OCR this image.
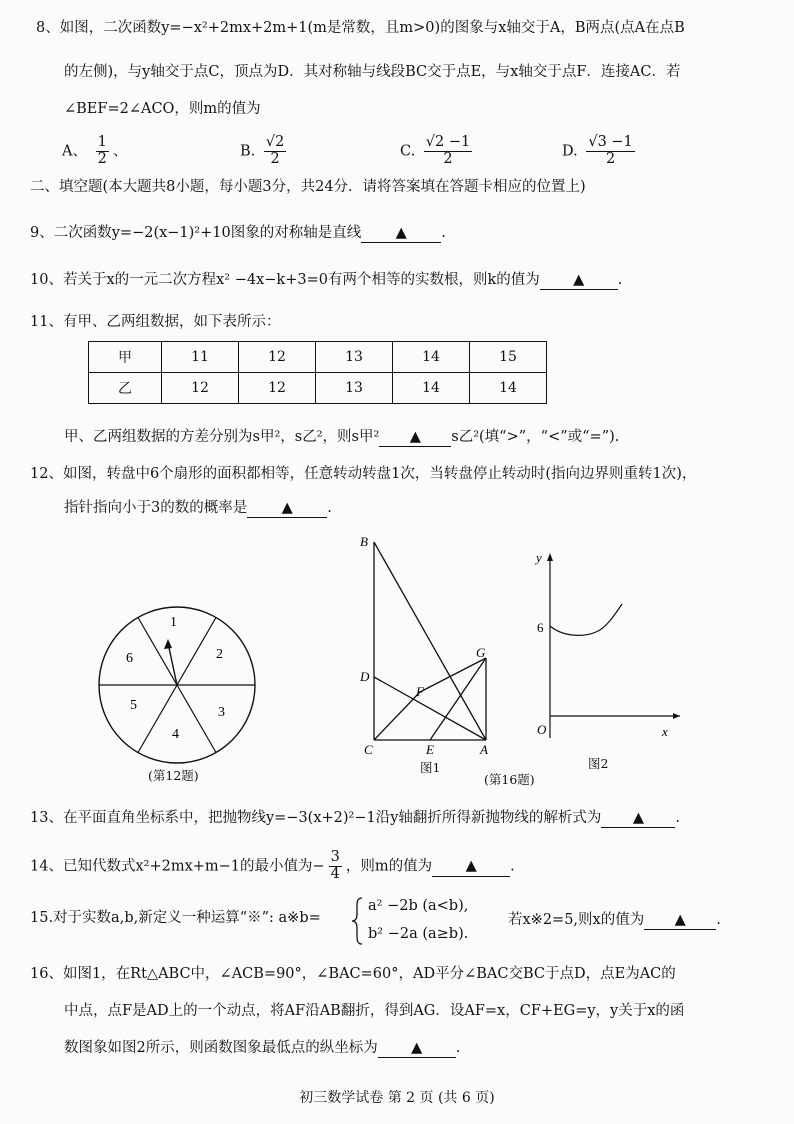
8、如图，二次函数y=−x²+2mx+2m+1(m是常数，且m>0)的图象与x轴交于A，B两点(点A在点B
的左侧)，与y轴交于点C，顶点为D．其对称轴与线段BC交于点E，与x轴交于点F．连接AC．若
∠BEF=2∠ACO，则m的值为
A、 $\frac{1}{2}$ 、	B. $\frac{√2}{2}$	C. $\frac{√2 -1}{2}$	D. $\frac{√3 -1}{2}$
二、填空题(本大题共8小题，每小题3分，共24分．请将答案填在答题卡相应的位置上)
9、二次函数y=−2(x−1)²+10图象的对称轴是直线 ▲ .
10、若关于x的一元二次方程x² −4x−k+3=0有两个相等的实数根，则k的值为 ▲ .
11、有甲、乙两组数据，如下表所示：
甲	11	12	13	14	15
乙	12	12	13	14	14
甲、乙两组数据的方差分别为s甲²，s乙²，则s甲² ▲ s乙²(填“>”，“<”或“=”).
12、如图，转盘中6个扇形的面积都相等，任意转动转盘1次，当转盘停止转动时(指向边界则重转1次)，
指针指向小于3的数的概率是 ▲ .
1
2
3
4
5
6
(第12题)
B
D
F
G
C	E	A
图1
y
x
O
6
图2
(第16题)
13、在平面直角坐标系中，把抛物线y=−3(x+2)²−1沿y轴翻折所得新抛物线的解析式为 ▲ .
14、已知代数式x²+2mx+m−1的最小值为− $\frac{3}{4}$ ，则m的值为 ▲ .
15.对于实数a,b,新定义一种运算“※”: a※b=
a² −2b (a<b),
b² −2a (a≥b).
若x※2=5,则x的值为 ▲ .
16、如图1，在Rt△ABC中，∠ACB=90°，∠BAC=60°，AD平分∠BAC交BC于点D，点E为AC的
中点，点F是AD上的一个动点，将AF沿AB翻折，得到AG．设AF=x，CF+EG=y，y关于x的函
数图象如图2所示，则函数图象最低点的纵坐标为 ▲ .
初三数学试卷 第 2 页 (共 6 页)
